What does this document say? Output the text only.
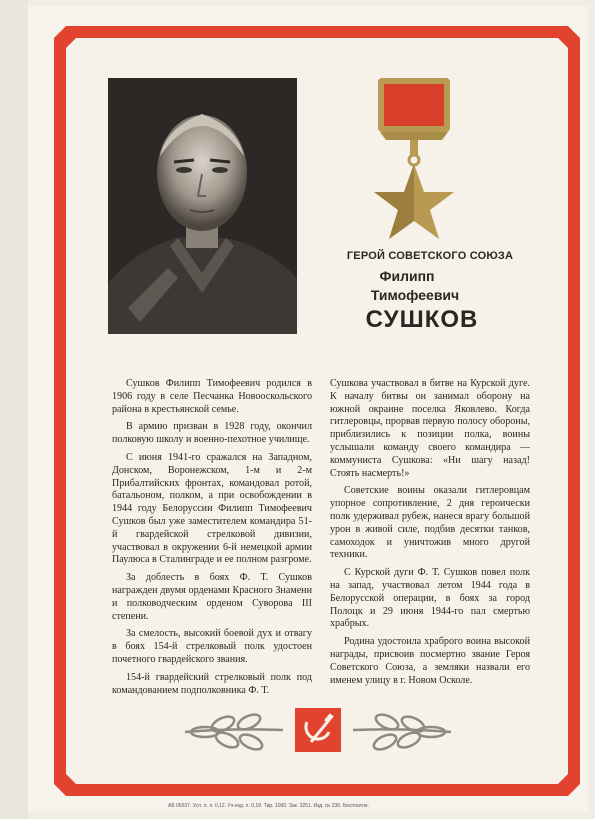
ГЕРОЙ СОВЕТСКОГО СОЮЗА
Филипп
Тимофеевич
СУШКОВ

Сушков Филипп Тимофеевич родился в 1906 году в селе Песчанка Новооскольского района в крестьянской семье.

В армию призван в 1928 году, окончил полковую школу и военно-пехотное училище.

С июня 1941-го сражался на Западном, Донском, Воронежском, 1-м и 2-м Прибалтийских фронтах, командовал ротой, батальоном, полком, а при освобождении в 1944 году Белоруссии Филипп Тимофеевич Сушков был уже заместителем командира 51-й гвардейской стрелковой дивизии, участвовал в окружении 6-й немецкой армии Паулюса в Сталинграде и ее полном разгроме.

За доблесть в боях Ф. Т. Сушков награжден двумя орденами Красного Знамени и полководческим орденом Суворова III степени.

За смелость, высокий боевой дух и отвагу в боях 154-й стрелковый полк удостоен почетного гвардейского звания.

154-й гвардейский стрелковый полк под командованием подполковника Ф. Т.

Сушкова участвовал в битве на Курской дуге. К началу битвы он занимал оборону на южной окраине поселка Яковлево. Когда гитлеровцы, прорвав первую полосу обороны, приблизились к позиции полка, воины услышали команду своего командира — коммуниста Сушкова: «Ни шагу назад! Стоять насмерть!»

Советские воины оказали гитлеровцам упорное сопротивление, 2 дня героически полк удерживал рубеж, нанеся врагу большой урон в живой силе, подбив десятки танков, самоходок и уничтожив много другой техники.

С Курской дуги Ф. Т. Сушков повел полк на запад, участвовал летом 1944 года в Белорусской операции, в боях за город Полоцк и 29 июня 1944-го пал смертью храбрых.

Родина удостоила храброго воина высокой награды, присвоив посмертно звание Героя Советского Союза, а земляки назвали его именем улицу в г. Новом Осколе.

АБ 06537. Усл. п. л. 0,12. Уч-изд. л. 0,18. Тир. 1000. Зак. 3251. Изд. № 236. Бесплатно.
